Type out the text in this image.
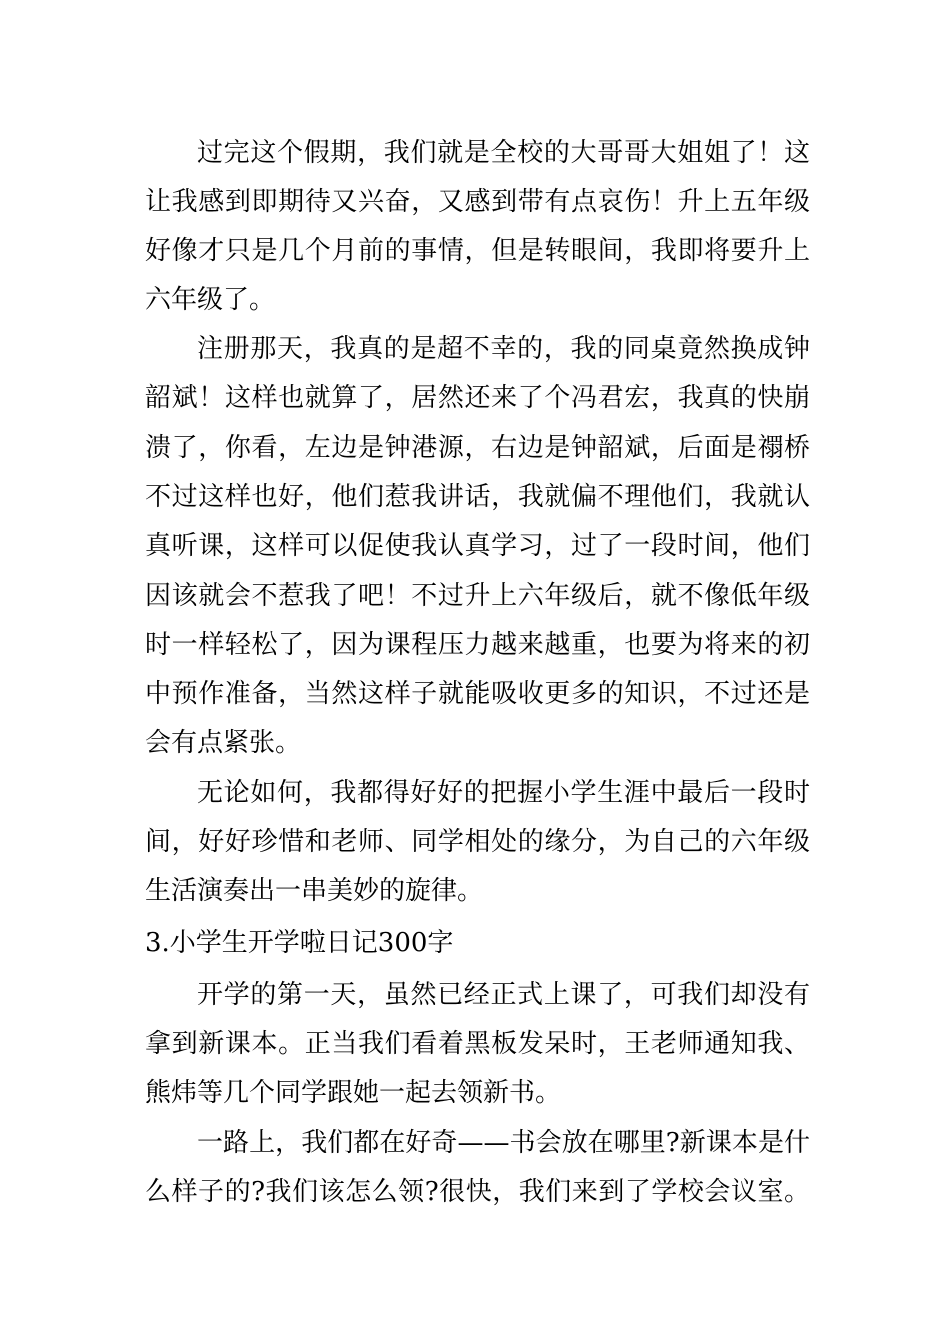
过完这个假期，我们就是全校的大哥哥大姐姐了！这
让我感到即期待又兴奋，又感到带有点哀伤！升上五年级
好像才只是几个月前的事情，但是转眼间，我即将要升上
六年级了。
注册那天，我真的是超不幸的，我的同桌竟然换成钟
韶斌！这样也就算了，居然还来了个冯君宏，我真的快崩
溃了，你看，左边是钟港源，右边是钟韶斌，后面是禤桥
不过这样也好，他们惹我讲话，我就偏不理他们，我就认
真听课，这样可以促使我认真学习，过了一段时间，他们
因该就会不惹我了吧！不过升上六年级后，就不像低年级
时一样轻松了，因为课程压力越来越重，也要为将来的初
中预作准备，当然这样子就能吸收更多的知识，不过还是
会有点紧张。
无论如何，我都得好好的把握小学生涯中最后一段时
间，好好珍惜和老师、同学相处的缘分，为自己的六年级
生活演奏出一串美妙的旋律。
3.小学生开学啦日记300字
开学的第一天，虽然已经正式上课了，可我们却没有
拿到新课本。正当我们看着黑板发呆时，王老师通知我、
熊炜等几个同学跟她一起去领新书。
一路上，我们都在好奇——书会放在哪里?新课本是什
么样子的?我们该怎么领?很快，我们来到了学校会议室。
